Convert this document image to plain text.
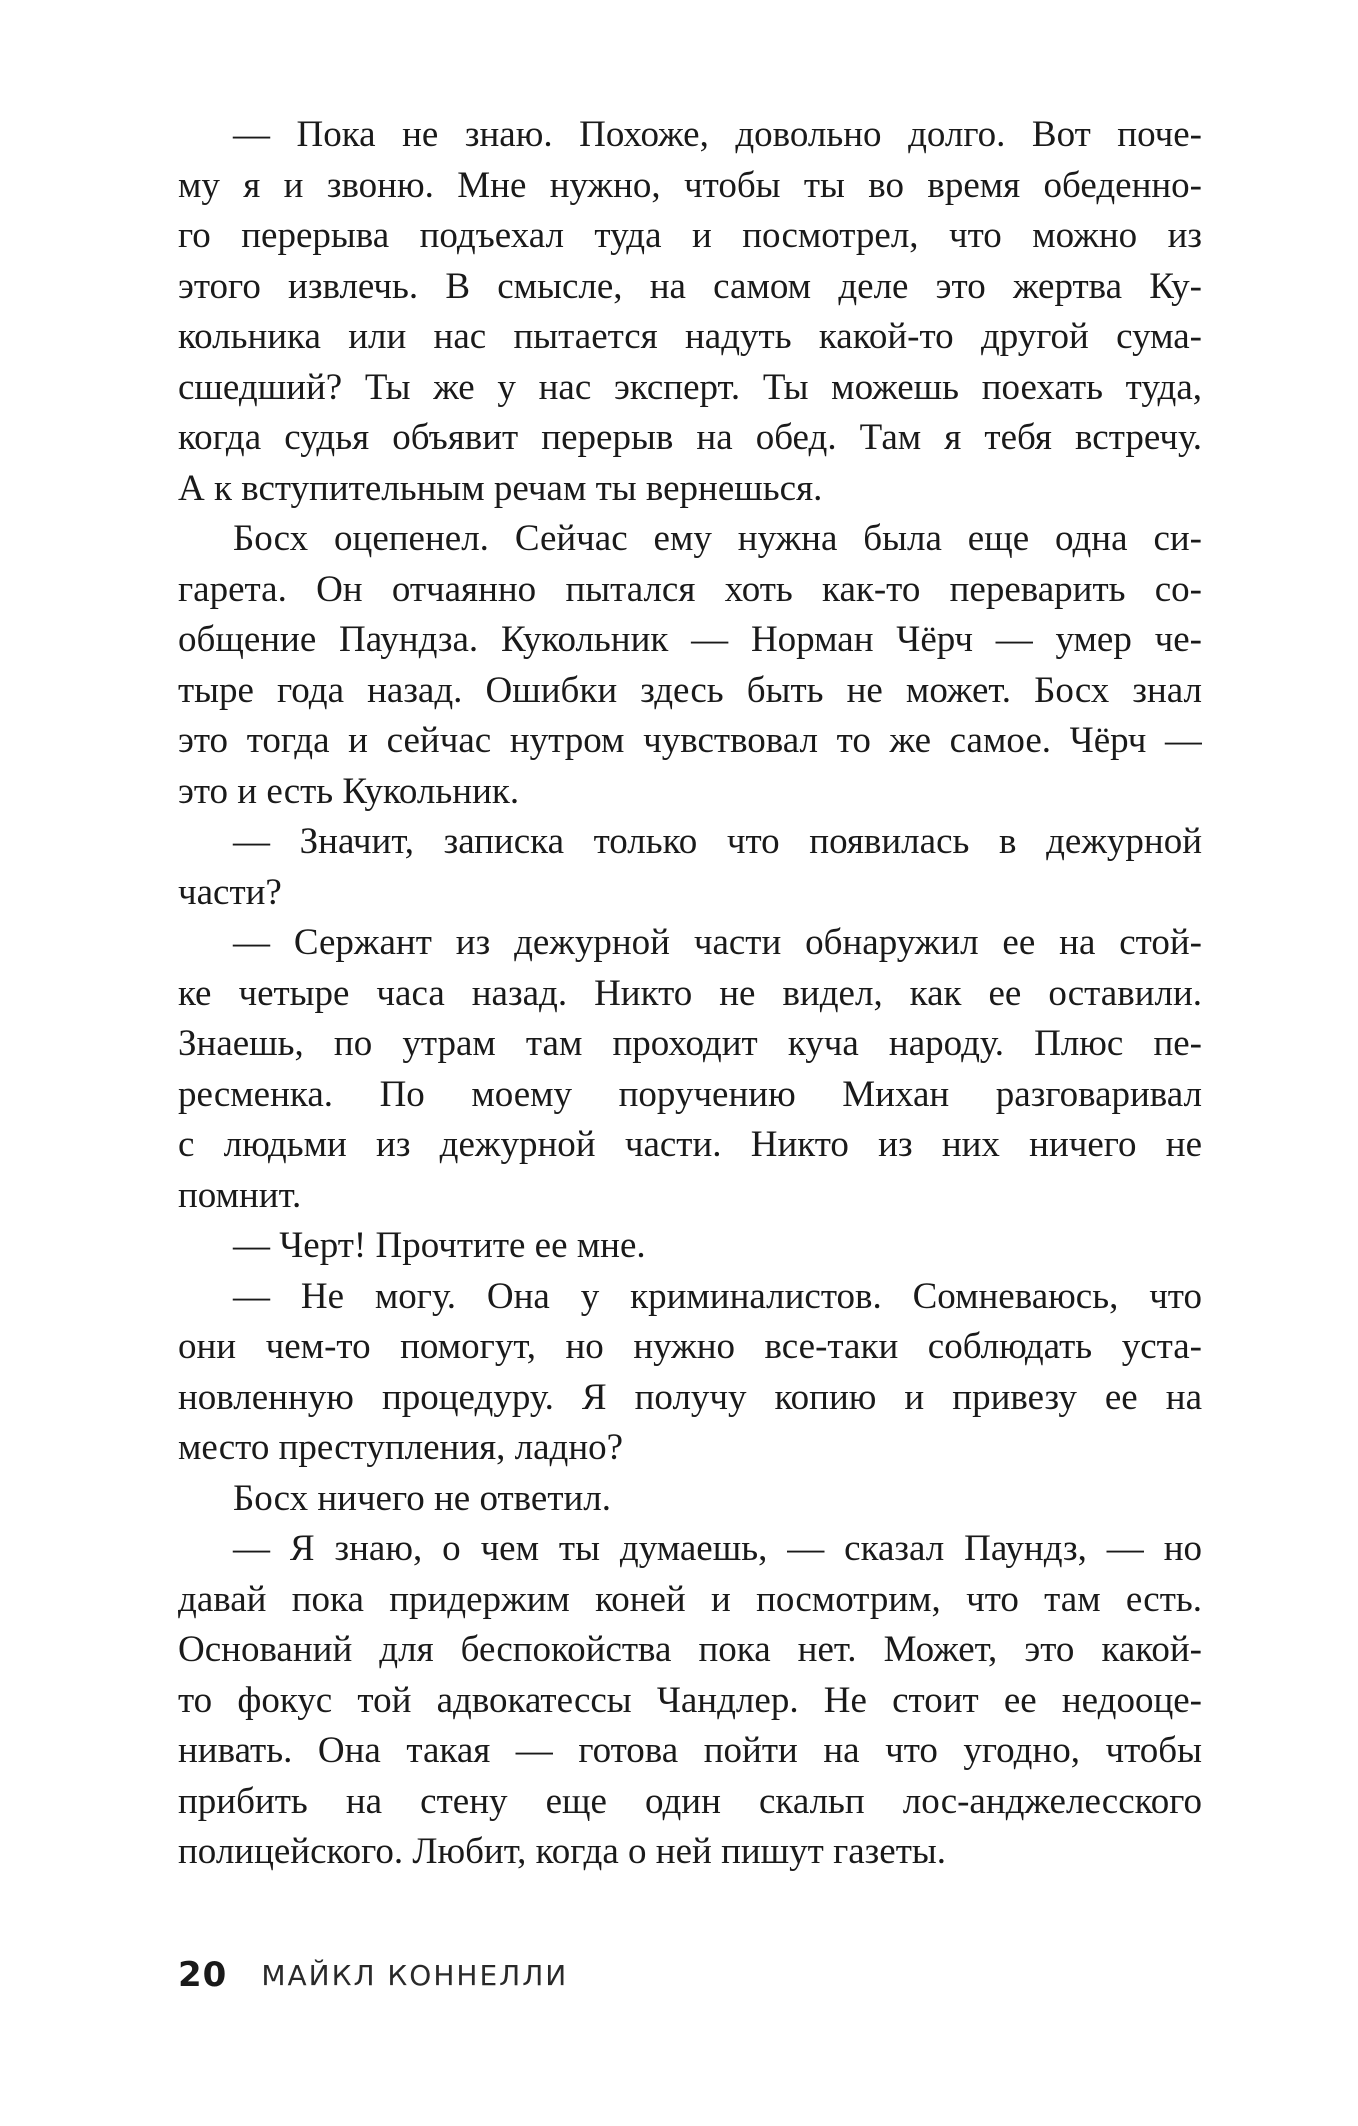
— Пока не знаю. Похоже, довольно долго. Вот поче-
му я и звоню. Мне нужно, чтобы ты во время обеденно-
го перерыва подъехал туда и посмотрел, что можно из
этого извлечь. В смысле, на самом деле это жертва Ку-
кольника или нас пытается надуть какой-то другой сума-
сшедший? Ты же у нас эксперт. Ты можешь поехать туда,
когда судья объявит перерыв на обед. Там я тебя встречу.
А к вступительным речам ты вернешься.
Босх оцепенел. Сейчас ему нужна была еще одна си-
гарета. Он отчаянно пытался хоть как-то переварить со-
общение Паундза. Кукольник — Норман Чёрч — умер че-
тыре года назад. Ошибки здесь быть не может. Босх знал
это тогда и сейчас нутром чувствовал то же самое. Чёрч —
это и есть Кукольник.
— Значит, записка только что появилась в дежурной
части?
— Сержант из дежурной части обнаружил ее на стой-
ке четыре часа назад. Никто не видел, как ее оставили.
Знаешь, по утрам там проходит куча народу. Плюс пе-
ресменка. По моему поручению Михан разговаривал
с людьми из дежурной части. Никто из них ничего не
помнит.
— Черт! Прочтите ее мне.
— Не могу. Она у криминалистов. Сомневаюсь, что
они чем-то помогут, но нужно все-таки соблюдать уста-
новленную процедуру. Я получу копию и привезу ее на
место преступления, ладно?
Босх ничего не ответил.
— Я знаю, о чем ты думаешь, — сказал Паундз, — но
давай пока придержим коней и посмотрим, что там есть.
Оснований для беспокойства пока нет. Может, это какой-
то фокус той адвокатессы Чандлер. Не стоит ее недооце-
нивать. Она такая — готова пойти на что угодно, чтобы
прибить на стену еще один скальп лос-анджелесского
полицейского. Любит, когда о ней пишут газеты.
20 МАЙКЛ КОННЕЛЛИ
